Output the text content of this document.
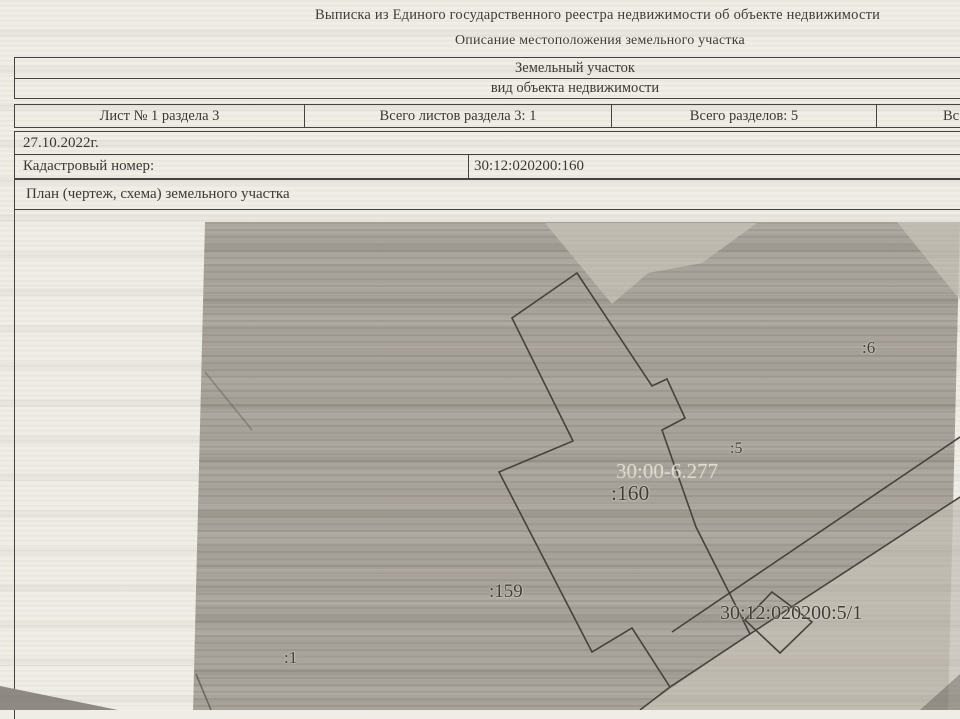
Выписка из Единого государственного реестра недвижимости об объекте недвижимости
Описание местоположения земельного участка
Земельный участок
вид объекта недвижимости
Лист № 1 раздела 3	Всего листов раздела 3: 1	Всего разделов: 5	Вс
27.10.2022г.
Кадастровый номер:	30:12:020200:160
План (чертеж, схема) земельного участка
:6
:5
30:00-6.277
:160
:159
:1
30:12:020200:5/1
